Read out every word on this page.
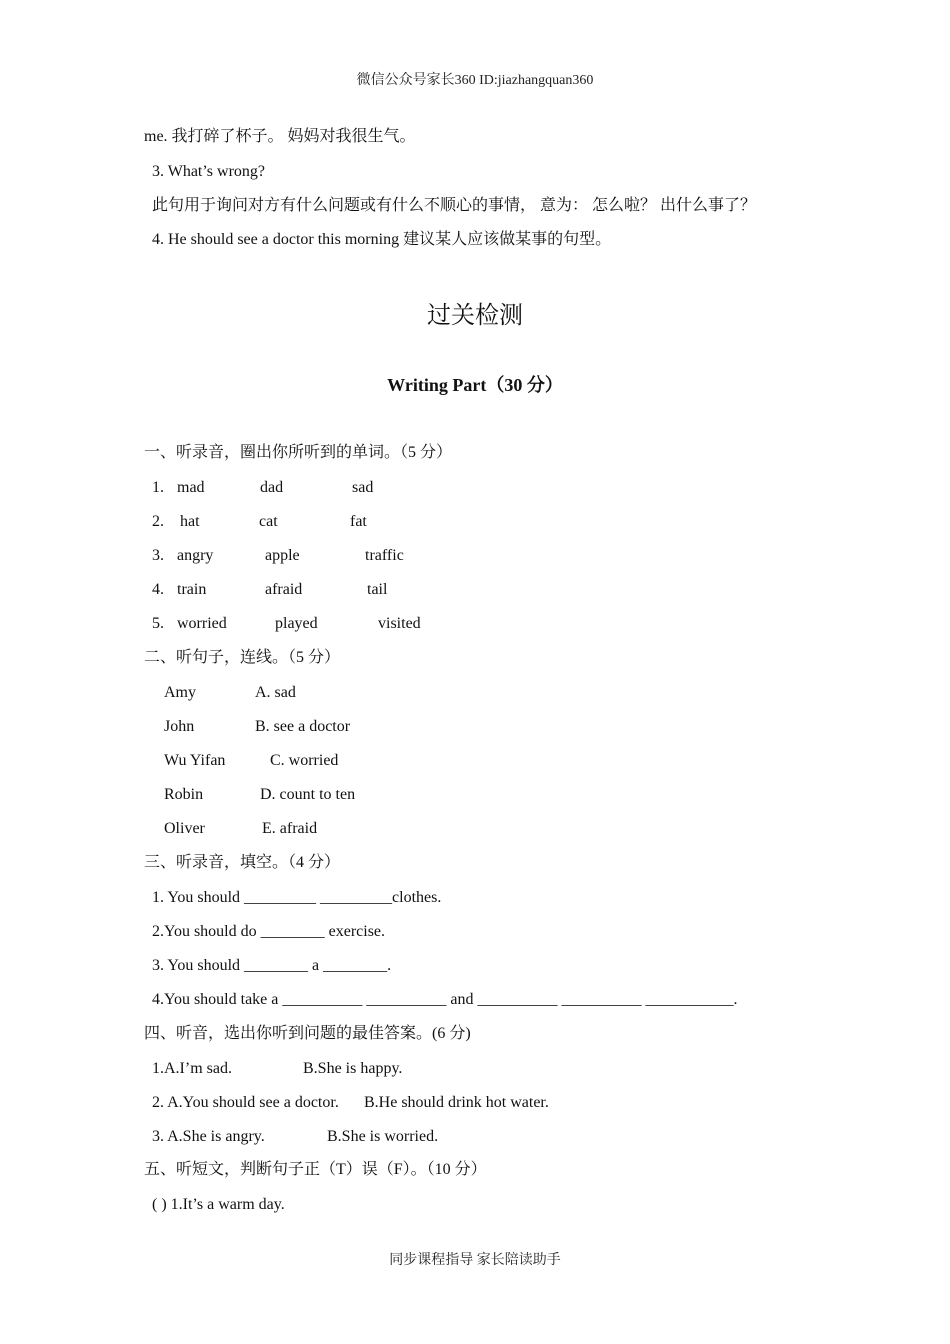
微信公众号家长360 ID:jiazhangquan360
me. 我打碎了杯子。 妈妈对我很生气。
3. What’s wrong?
此句用于询问对方有什么问题或有什么不顺心的事情， 意为： 怎么啦？ 出什么事了？
4. He should see a doctor this morning 建议某人应该做某事的句型。
过关检测
Writing Part（30 分）
一、听录音，圈出你所听到的单词。（5 分）
1. mad	dad	sad
2. hat	cat	fat
3. angry	apple	traffic
4. train	afraid	tail
5. worried	played	visited
二、听句子，连线。（5 分）
Amy	A. sad
John	B. see a doctor
Wu Yifan	C. worried
Robin	D. count to ten
Oliver	E. afraid
三、听录音，填空。（4 分）
1. You should _________ _________clothes.
2.You should do ________ exercise.
3. You should ________ a ________.
4.You should take a __________ __________ and __________ __________ ___________.
四、听音，选出你听到问题的最佳答案。(6 分)
1.A.I’m sad.	B.She is happy.
2. A.You should see a doctor. B.He should drink hot water.
3. A.She is angry.	B.She is worried.
五、听短文，判断句子正（T）误（F）。（10 分）
( ) 1.It’s a warm day.
同步课程指导 家长陪读助手
